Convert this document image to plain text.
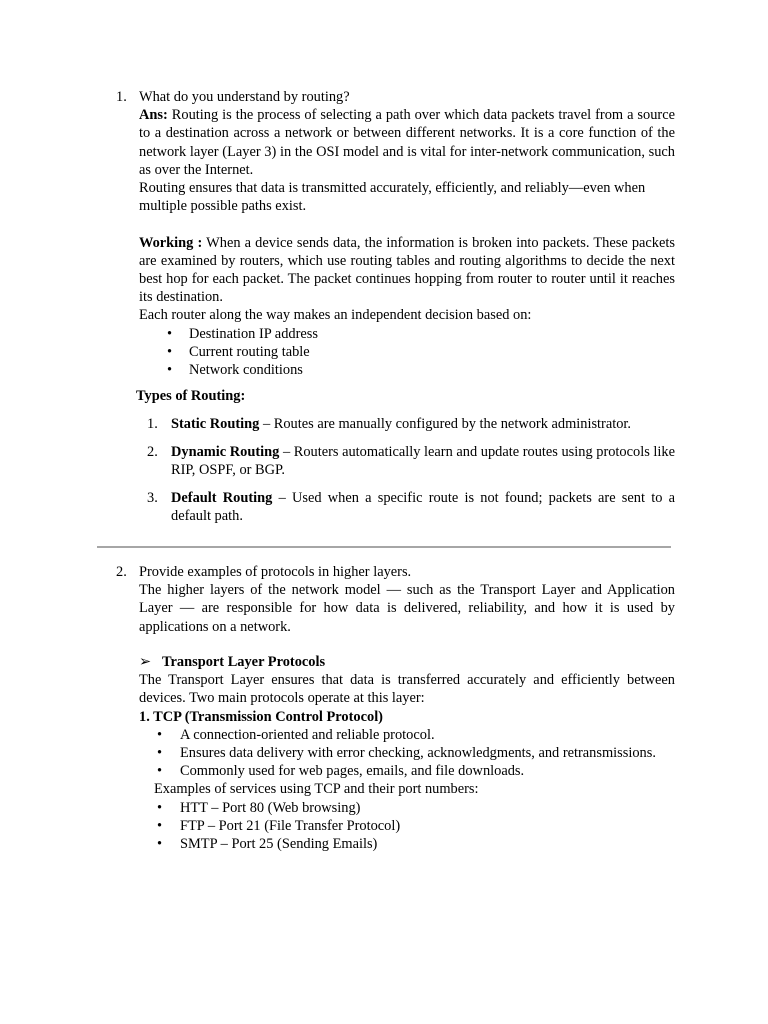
1. What do you understand by routing?

Ans: Routing is the process of selecting a path over which data packets travel from a source to a destination across a network or between different networks. It is a core function of the network layer (Layer 3) in the OSI model and is vital for inter-network communication, such as over the Internet.

Routing ensures that data is transmitted accurately, efficiently, and reliably—even when multiple possible paths exist.

Working : When a device sends data, the information is broken into packets. These packets are examined by routers, which use routing tables and routing algorithms to decide the next best hop for each packet. The packet continues hopping from router to router until it reaches its destination.

Each router along the way makes an independent decision based on:

• Destination IP address
• Current routing table
• Network conditions

Types of Routing:

1. Static Routing – Routes are manually configured by the network administrator.

2. Dynamic Routing – Routers automatically learn and update routes using protocols like RIP, OSPF, or BGP.

3. Default Routing – Used when a specific route is not found; packets are sent to a default path.

2. Provide examples of protocols in higher layers.

The higher layers of the network model — such as the Transport Layer and Application Layer — are responsible for how data is delivered, reliability, and how it is used by applications on a network.

➢ Transport Layer Protocols

The Transport Layer ensures that data is transferred accurately and efficiently between devices. Two main protocols operate at this layer:

1. TCP (Transmission Control Protocol)

• A connection-oriented and reliable protocol.

• Ensures data delivery with error checking, acknowledgments, and retransmissions.

• Commonly used for web pages, emails, and file downloads.

Examples of services using TCP and their port numbers:

• HTT – Port 80 (Web browsing)
• FTP – Port 21 (File Transfer Protocol)
• SMTP – Port 25 (Sending Emails)
